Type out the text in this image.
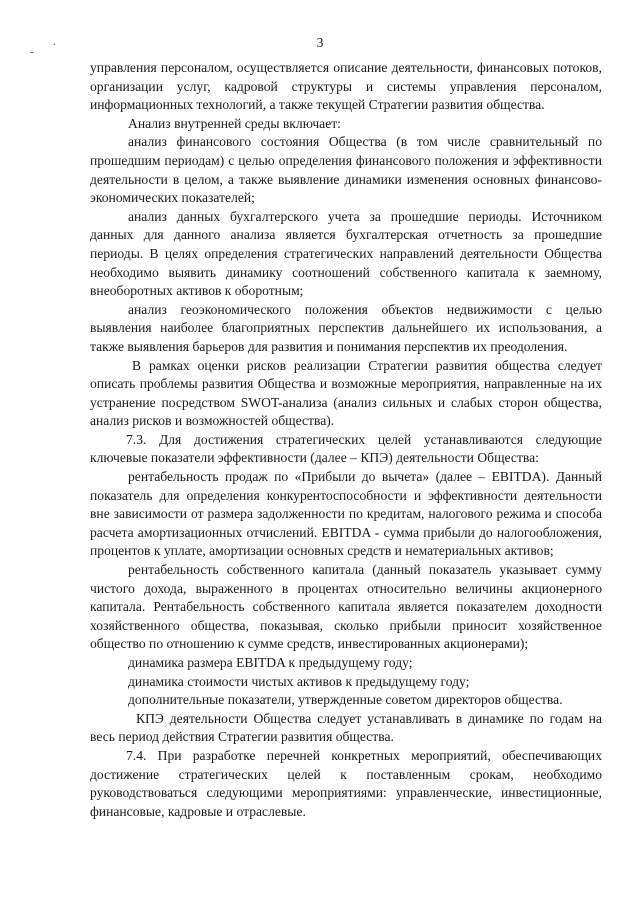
3
-
.

управления персоналом, осуществляется описание деятельности, финансовых потоков, организации услуг, кадровой структуры и системы управления персоналом, информационных технологий, а также текущей Стратегии развития общества.

Анализ внутренней среды включает:

анализ финансового состояния Общества (в том числе сравнительный по прошедшим периодам) с целью определения финансового положения и эффективности деятельности в целом, а также выявление динамики изменения основных финансово-экономических показателей;

анализ данных бухгалтерского учета за прошедшие периоды. Источником данных для данного анализа является бухгалтерская отчетность за прошедшие периоды. В целях определения стратегических направлений деятельности Общества необходимо выявить динамику соотношений собственного капитала к заемному, внеоборотных активов к оборотным;

анализ геоэкономического положения объектов недвижимости с целью выявления наиболее благоприятных перспектив дальнейшего их использования, а также выявления барьеров для развития и понимания перспектив их преодоления.

В рамках оценки рисков реализации Стратегии развития общества следует описать проблемы развития Общества и возможные мероприятия, направленные на их устранение посредством SWOT-анализа (анализ сильных и слабых сторон общества, анализ рисков и возможностей общества).

7.3. Для достижения стратегических целей устанавливаются следующие ключевые показатели эффективности (далее – КПЭ) деятельности Общества:

рентабельность продаж по «Прибыли до вычета» (далее – EBITDA). Данный показатель для определения конкурентоспособности и эффективности деятельности вне зависимости от размера задолженности по кредитам, налогового режима и способа расчета амортизационных отчислений. EBITDA - сумма прибыли до налогообложения, процентов к уплате, амортизации основных средств и нематериальных активов;

рентабельность собственного капитала (данный показатель указывает сумму чистого дохода, выраженного в процентах относительно величины акционерного капитала. Рентабельность собственного капитала является показателем доходности хозяйственного общества, показывая, сколько прибыли приносит хозяйственное общество по отношению к сумме средств, инвестированных акционерами);

динамика размера EBITDA к предыдущему году;

динамика стоимости чистых активов к предыдущему году;

дополнительные показатели, утвержденные советом директоров общества.

КПЭ деятельности Общества следует устанавливать в динамике по годам на весь период действия Стратегии развития общества.

7.4. При разработке перечней конкретных мероприятий, обеспечивающих достижение стратегических целей к поставленным срокам, необходимо руководствоваться следующими мероприятиями: управленческие, инвестиционные, финансовые, кадровые и отраслевые.
